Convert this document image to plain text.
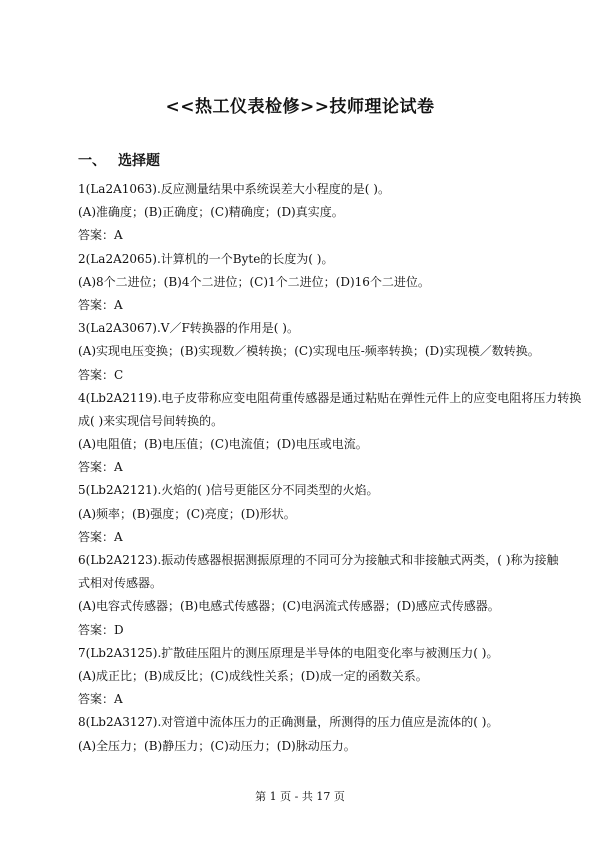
<<热工仪表检修>>技师理论试卷
一、 选择题
1(La2A1063).反应测量结果中系统误差大小程度的是( )。
(A)准确度；(B)正确度；(C)精确度；(D)真实度。
答案：A
2(La2A2065).计算机的一个Byte的长度为( )。
(A)8个二进位；(B)4个二进位；(C)1个二进位；(D)16个二进位。
答案：A
3(La2A3067).V／F转换器的作用是( )。
(A)实现电压变换；(B)实现数／模转换；(C)实现电压-频率转换；(D)实现模／数转换。
答案：C
4(Lb2A2119).电子皮带称应变电阻荷重传感器是通过粘贴在弹性元件上的应变电阻将压力转换
成( )来实现信号间转换的。
(A)电阻值；(B)电压值；(C)电流值；(D)电压或电流。
答案：A
5(Lb2A2121).火焰的( )信号更能区分不同类型的火焰。
(A)频率；(B)强度；(C)亮度；(D)形状。
答案：A
6(Lb2A2123).振动传感器根据测振原理的不同可分为接触式和非接触式两类，( )称为接触
式相对传感器。
(A)电容式传感器；(B)电感式传感器；(C)电涡流式传感器；(D)感应式传感器。
答案：D
7(Lb2A3125).扩散硅压阻片的测压原理是半导体的电阻变化率与被测压力( )。
(A)成正比；(B)成反比；(C)成线性关系；(D)成一定的函数关系。
答案：A
8(Lb2A3127).对管道中流体压力的正确测量，所测得的压力值应是流体的( )。
(A)全压力；(B)静压力；(C)动压力；(D)脉动压力。
第 1 页 - 共 17 页
